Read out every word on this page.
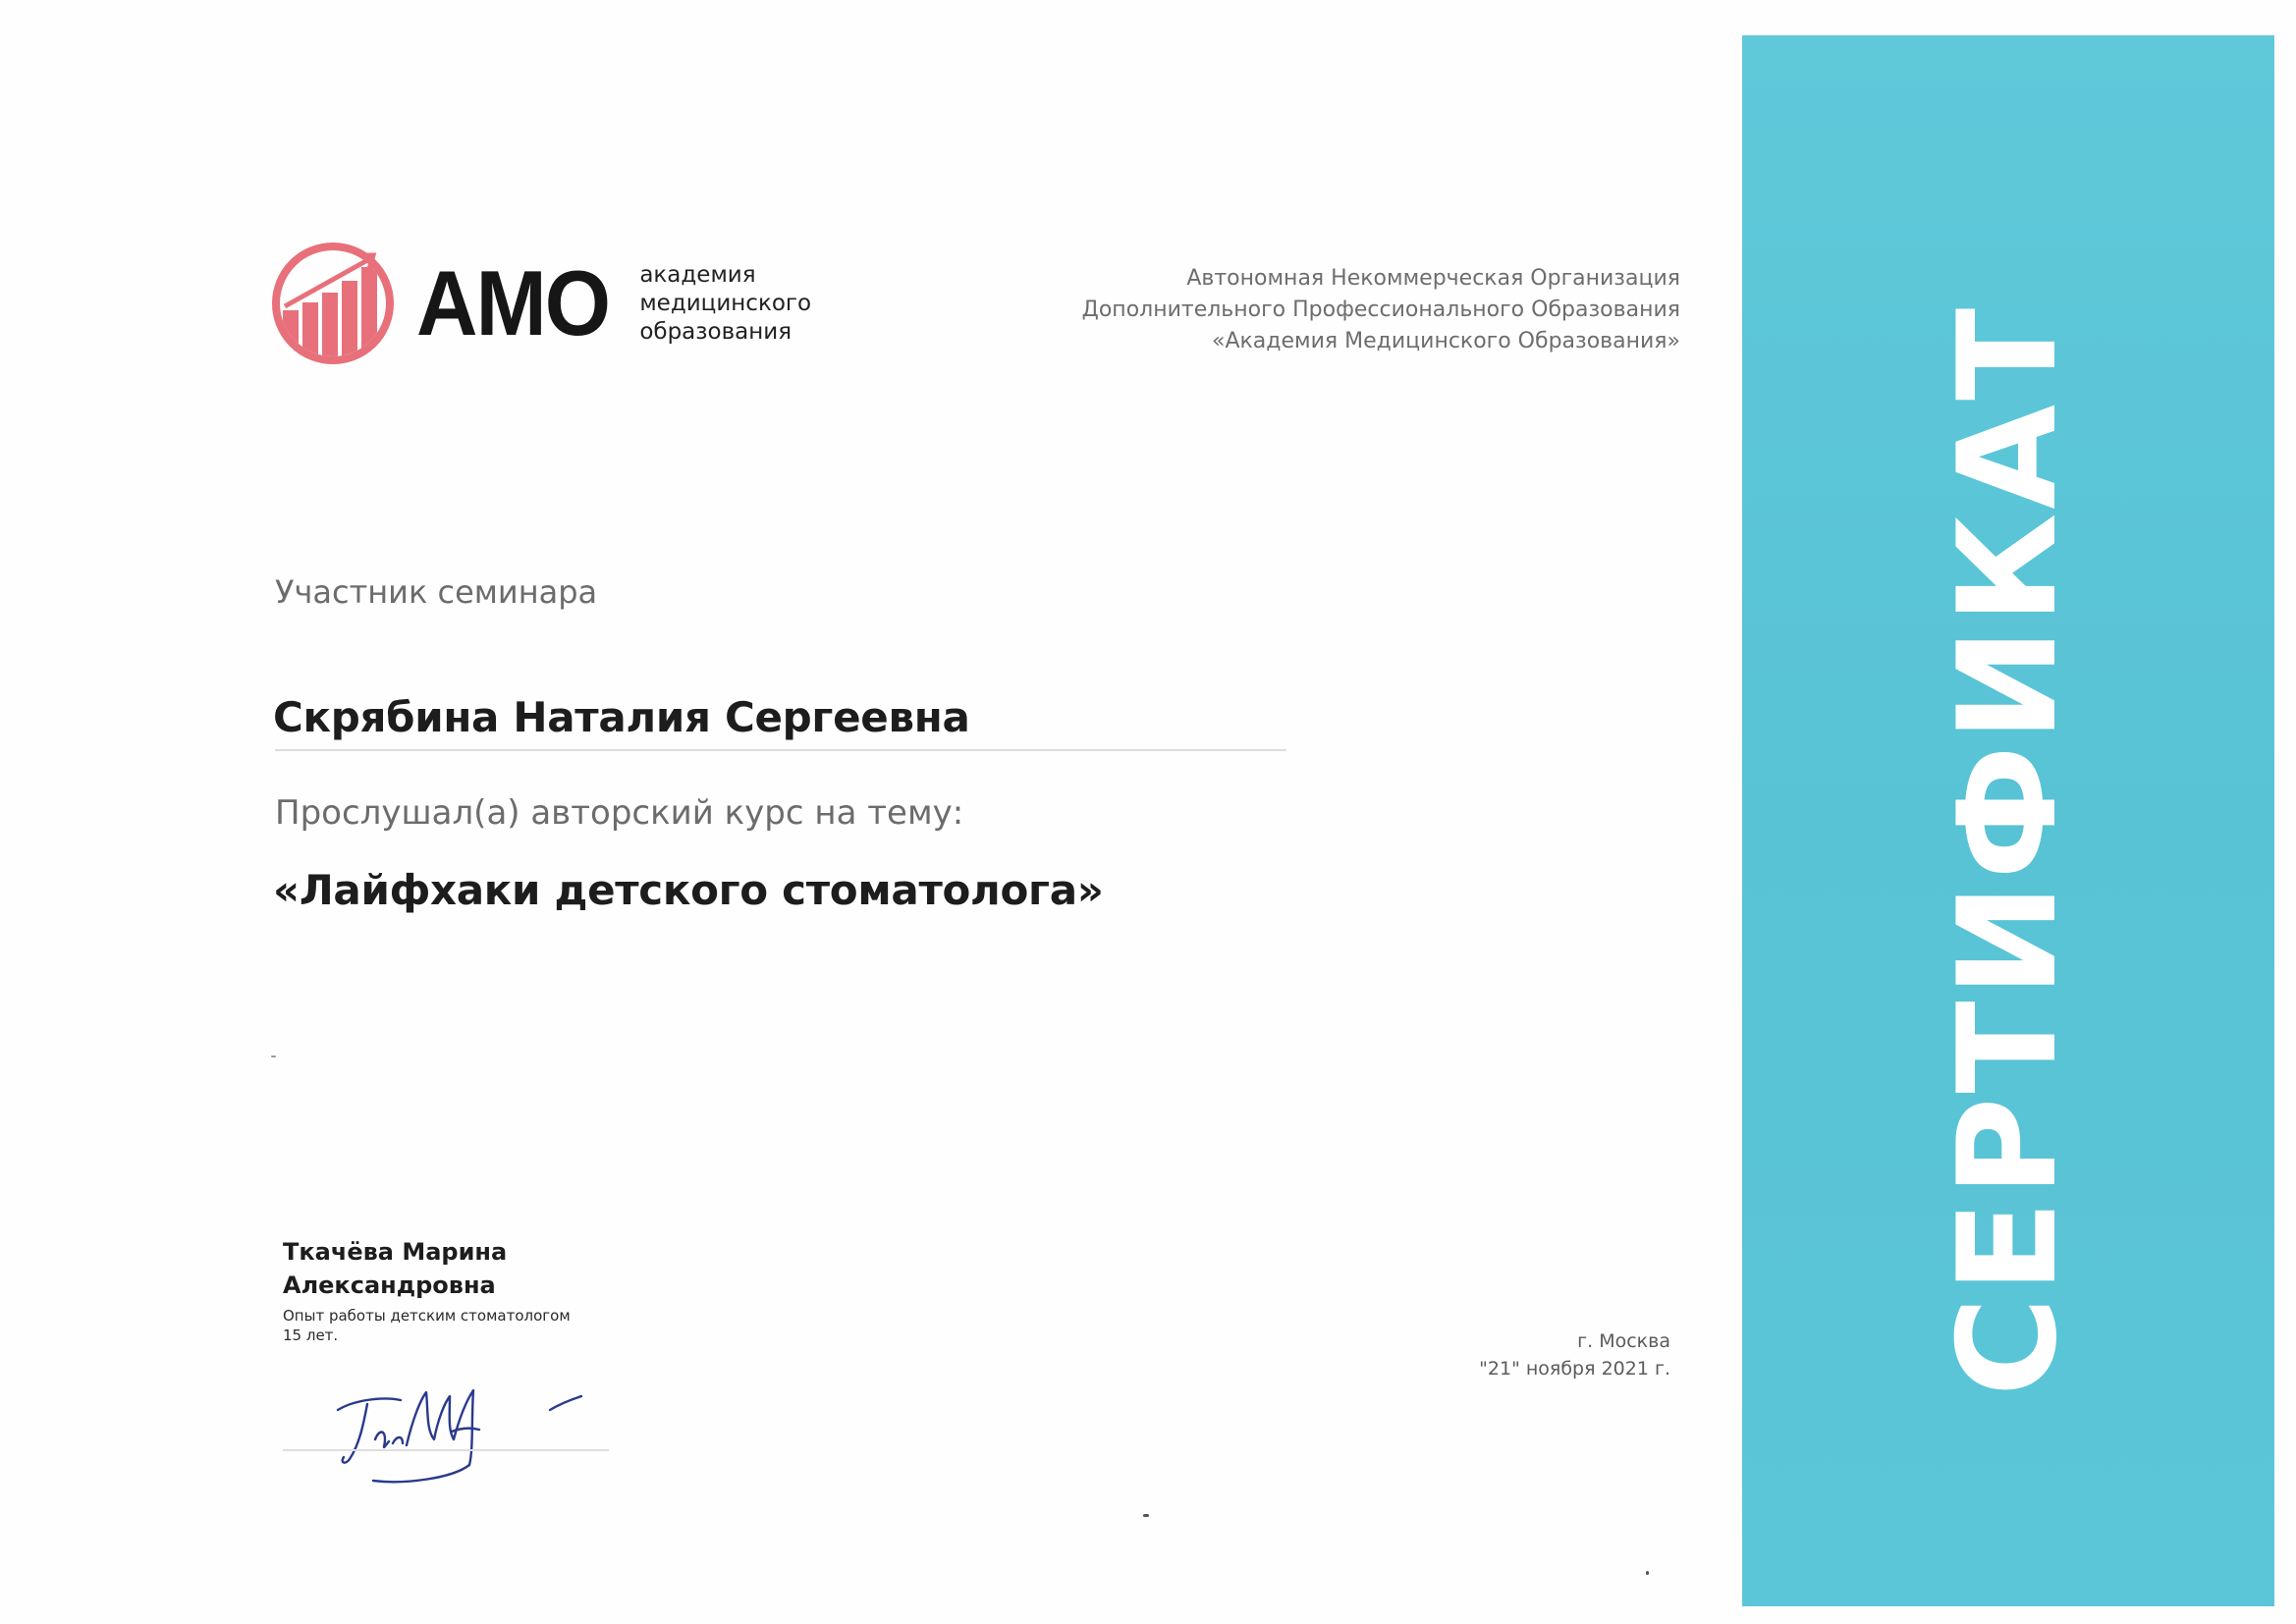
АМО академия
медицинского
образования
Автономная Некоммерческая Организация
Дополнительного Профессионального Образования
«Академия Медицинского Образования»
Участник семинара
Скрябина Наталия Сергеевна
Прослушал(а) авторский курс на тему:
«Лайфхаки детского стоматолога»
Ткачёва Марина
Александровна
Опыт работы детским стоматологом
15 лет.	г. Москва
"21" ноября 2021 г. СЕРТИФИКАТ
